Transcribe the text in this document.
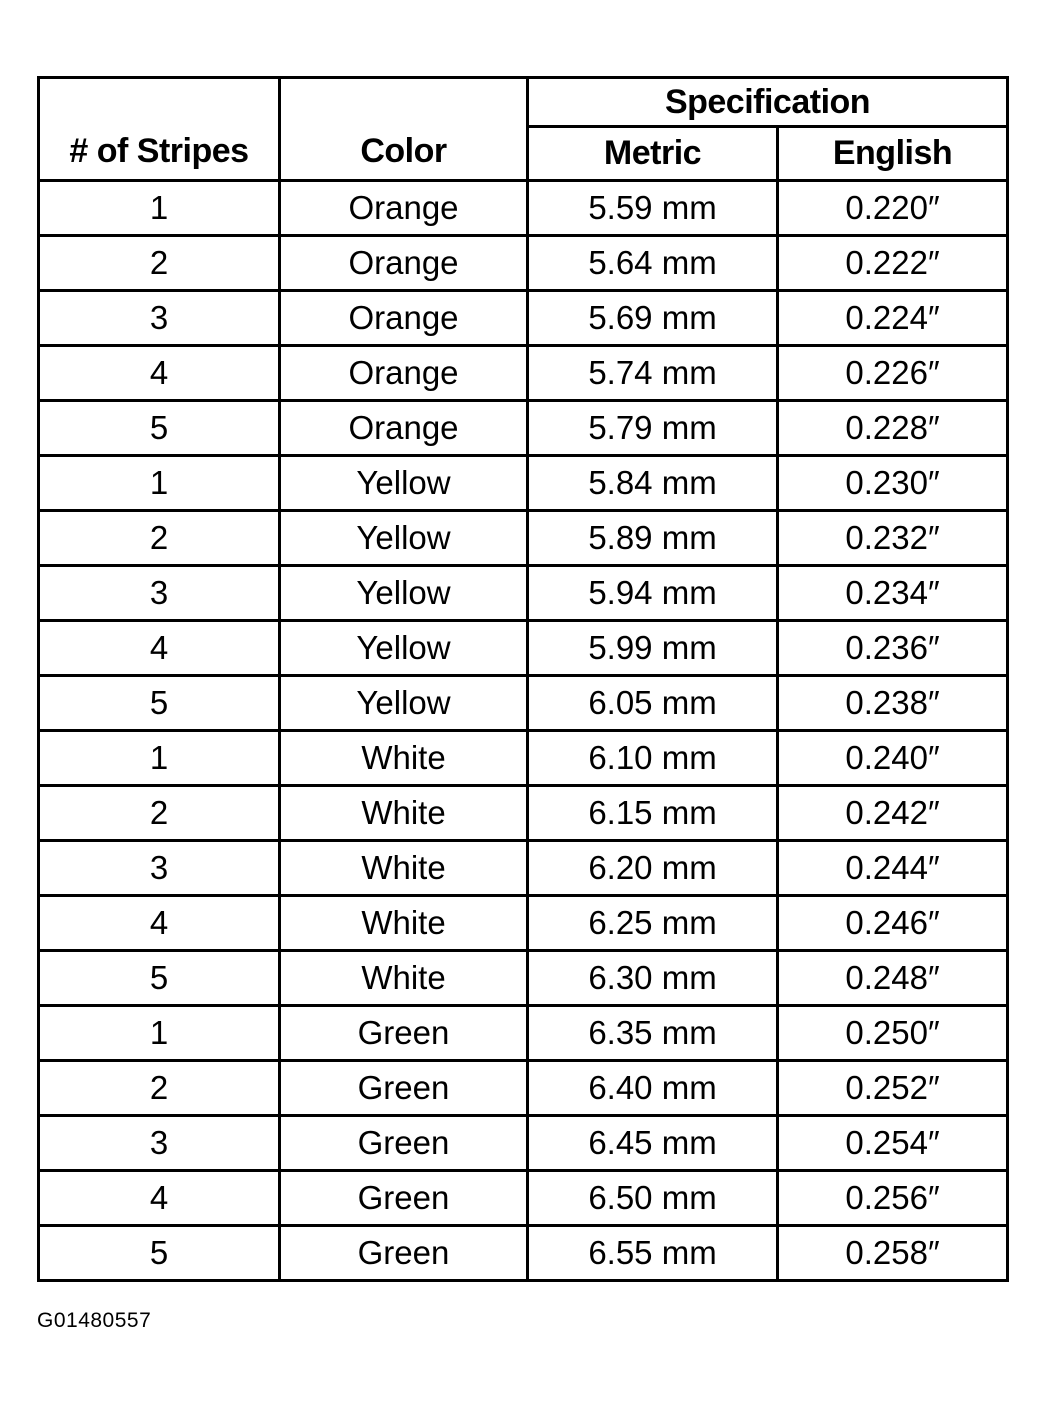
# of Stripes	Color	Specification	
		Metric	English
1	Orange	5.59 mm	0.220″
2	Orange	5.64 mm	0.222″
3	Orange	5.69 mm	0.224″
4	Orange	5.74 mm	0.226″
5	Orange	5.79 mm	0.228″
1	Yellow	5.84 mm	0.230″
2	Yellow	5.89 mm	0.232″
3	Yellow	5.94 mm	0.234″
4	Yellow	5.99 mm	0.236″
5	Yellow	6.05 mm	0.238″
1	White	6.10 mm	0.240″
2	White	6.15 mm	0.242″
3	White	6.20 mm	0.244″
4	White	6.25 mm	0.246″
5	White	6.30 mm	0.248″
1	Green	6.35 mm	0.250″
2	Green	6.40 mm	0.252″
3	Green	6.45 mm	0.254″
4	Green	6.50 mm	0.256″
5	Green	6.55 mm	0.258″
G01480557
